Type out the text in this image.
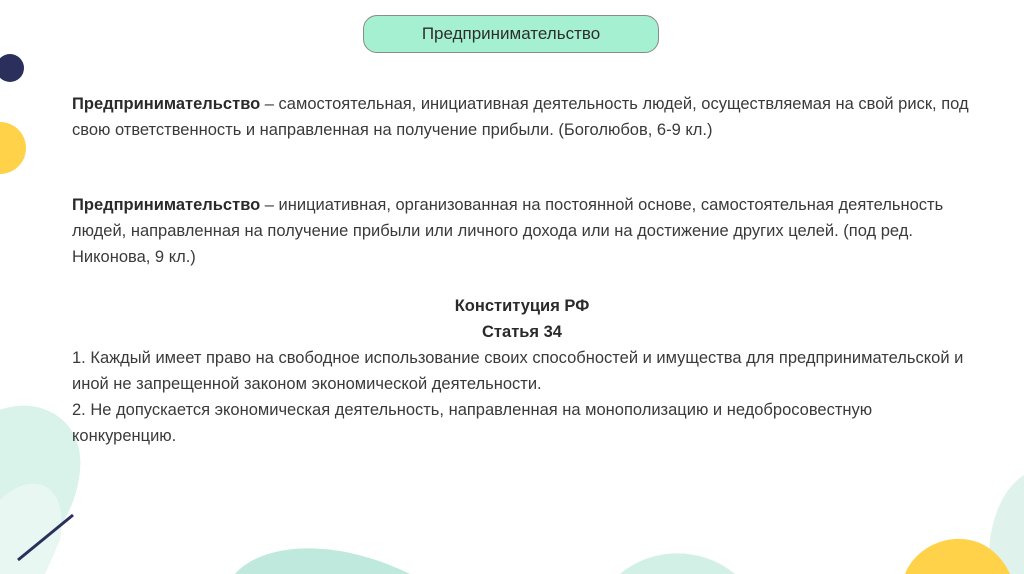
Предпринимательство
Предпринимательство – самостоятельная, инициативная деятельность людей, осуществляемая на свой риск, под свою ответственность и направленная на получение прибыли. (Боголюбов, 6-9 кл.)
Предпринимательство – инициативная, организованная на постоянной основе, самостоятельная деятельность людей, направленная на получение прибыли или личного дохода или на достижение других целей. (под ред. Никонова, 9 кл.)
Конституция РФ
Статья 34
1. Каждый имеет право на свободное использование своих способностей и имущества для предпринимательской и иной не запрещенной законом экономической деятельности.
2. Не допускается экономическая деятельность, направленная на монополизацию и недобросовестную конкуренцию.
